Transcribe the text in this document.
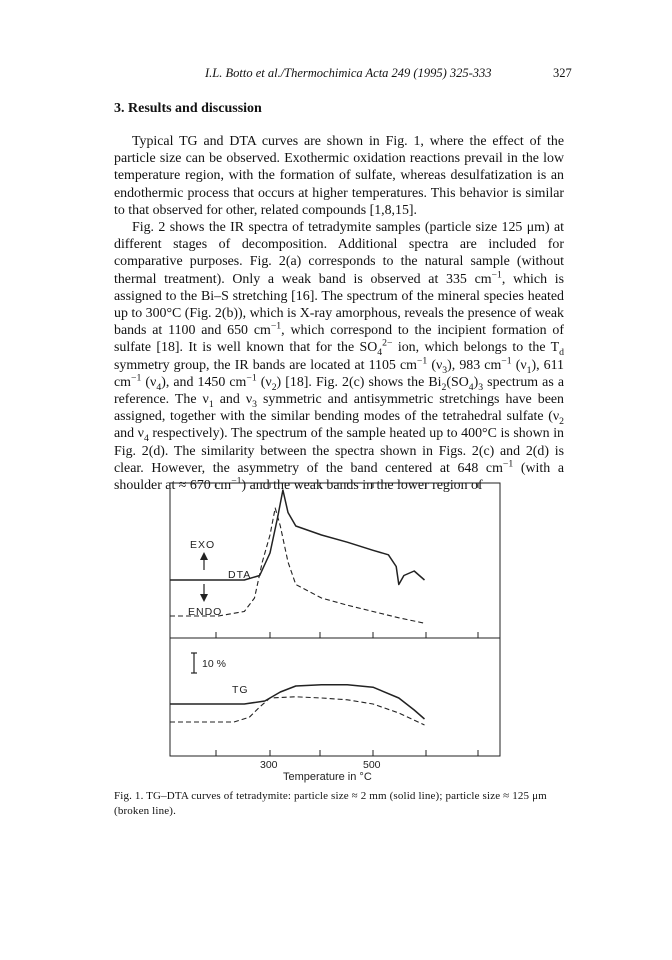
I.L. Botto et al./Thermochimica Acta 249 (1995) 325-333	327
3. Results and discussion

Typical TG and DTA curves are shown in Fig. 1, where the effect of the particle size can be observed. Exothermic oxidation reactions prevail in the low temperature region, with the formation of sulfate, whereas desulfatization is an endothermic process that occurs at higher temperatures. This behavior is similar to that observed for other, related compounds [1,8,15].

Fig. 2 shows the IR spectra of tetradymite samples (particle size 125 μm) at different stages of decomposition. Additional spectra are included for comparative purposes. Fig. 2(a) corresponds to the natural sample (without thermal treatment). Only a weak band is observed at 335 $cm^{-1}$, which is assigned to the Bi–S stretching [16]. The spectrum of the mineral species heated up to 300°C (Fig. 2(b)), which is X-ray amorphous, reveals the presence of weak bands at 1100 and 650 $cm^{-1}$, which correspond to the incipient formation of sulfate [18]. It is well known that for the $SO_4^{2-}$ ion, which belongs to the $T_d$ symmetry group, the IR bands are located at 1105 $cm^{-1}$ $(\nu_3)$, 983 $cm^{-1}$ $(\nu_1)$, 611 $cm^{-1}$ $(\nu_4)$, and 1450 $cm^{-1}$ $(\nu_2)$ [18]. Fig. 2(c) shows the $Bi_2(SO_4)_3$ spectrum as a reference. The $\nu_1$ and $\nu_3$ symmetric and antisymmetric stretchings have been assigned, together with the similar bending modes of the tetrahedral sulfate ($\nu_2$ and $\nu_4$ respectively). The spectrum of the sample heated up to 400°C is shown in Fig. 2(d). The similarity between the spectra shown in Figs. 2(c) and 2(d) is clear. However, the asymmetry of the band centered at 648 $cm^{-1}$ (with a shoulder at ≈ 670 $cm^{-1}$) and the weak bands in the lower region of

EXO
ENDO
DTA
10 %
TG
300	500
Temperature in °C
Fig. 1. TG–DTA curves of tetradymite: particle size ≈ 2 mm (solid line); particle size ≈ 125 μm (broken line).
